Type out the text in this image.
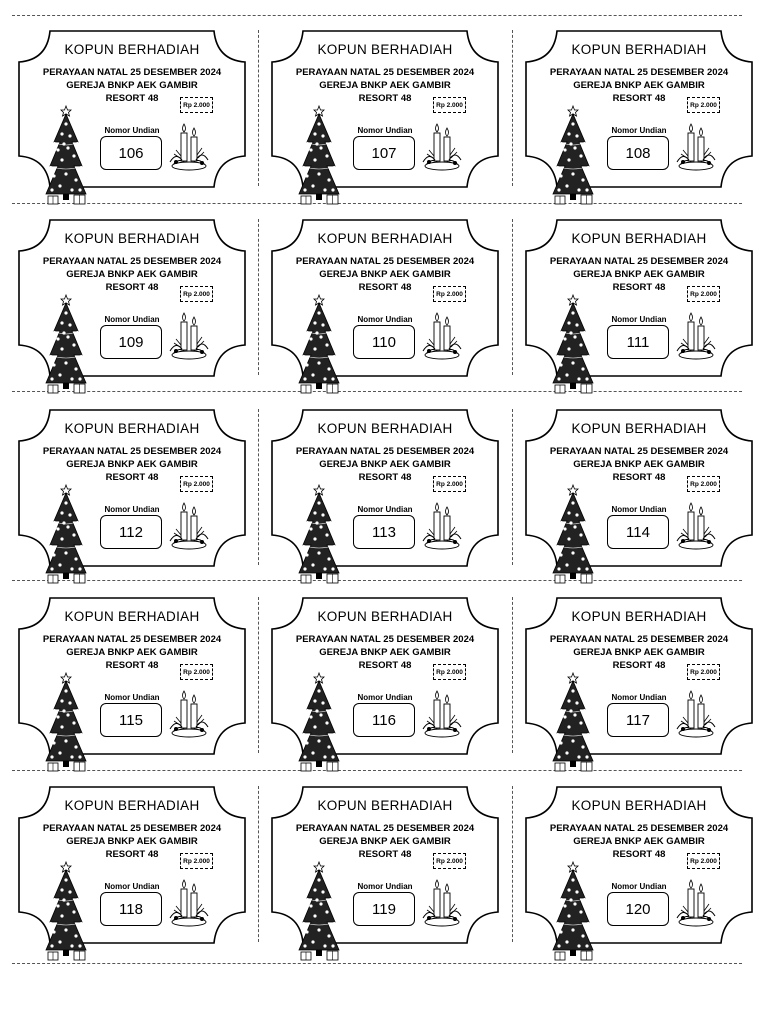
KOPUN BERHADIAH
PERAYAAN NATAL 25 DESEMBER 2024
GEREJA BNKP AEK GAMBIR
RESORT 48
Rp 2.000
Nomor Undian
106
KOPUN BERHADIAH
PERAYAAN NATAL 25 DESEMBER 2024
GEREJA BNKP AEK GAMBIR
RESORT 48
Rp 2.000
Nomor Undian
107
KOPUN BERHADIAH
PERAYAAN NATAL 25 DESEMBER 2024
GEREJA BNKP AEK GAMBIR
RESORT 48
Rp 2.000
Nomor Undian
108
KOPUN BERHADIAH
PERAYAAN NATAL 25 DESEMBER 2024
GEREJA BNKP AEK GAMBIR
RESORT 48
Rp 2.000
Nomor Undian
109
KOPUN BERHADIAH
PERAYAAN NATAL 25 DESEMBER 2024
GEREJA BNKP AEK GAMBIR
RESORT 48
Rp 2.000
Nomor Undian
110
KOPUN BERHADIAH
PERAYAAN NATAL 25 DESEMBER 2024
GEREJA BNKP AEK GAMBIR
RESORT 48
Rp 2.000
Nomor Undian
111
KOPUN BERHADIAH
PERAYAAN NATAL 25 DESEMBER 2024
GEREJA BNKP AEK GAMBIR
RESORT 48
Rp 2.000
Nomor Undian
112
KOPUN BERHADIAH
PERAYAAN NATAL 25 DESEMBER 2024
GEREJA BNKP AEK GAMBIR
RESORT 48
Rp 2.000
Nomor Undian
113
KOPUN BERHADIAH
PERAYAAN NATAL 25 DESEMBER 2024
GEREJA BNKP AEK GAMBIR
RESORT 48
Rp 2.000
Nomor Undian
114
KOPUN BERHADIAH
PERAYAAN NATAL 25 DESEMBER 2024
GEREJA BNKP AEK GAMBIR
RESORT 48
Rp 2.000
Nomor Undian
115
KOPUN BERHADIAH
PERAYAAN NATAL 25 DESEMBER 2024
GEREJA BNKP AEK GAMBIR
RESORT 48
Rp 2.000
Nomor Undian
116
KOPUN BERHADIAH
PERAYAAN NATAL 25 DESEMBER 2024
GEREJA BNKP AEK GAMBIR
RESORT 48
Rp 2.000
Nomor Undian
117
KOPUN BERHADIAH
PERAYAAN NATAL 25 DESEMBER 2024
GEREJA BNKP AEK GAMBIR
RESORT 48
Rp 2.000
Nomor Undian
118
KOPUN BERHADIAH
PERAYAAN NATAL 25 DESEMBER 2024
GEREJA BNKP AEK GAMBIR
RESORT 48
Rp 2.000
Nomor Undian
119
KOPUN BERHADIAH
PERAYAAN NATAL 25 DESEMBER 2024
GEREJA BNKP AEK GAMBIR
RESORT 48
Rp 2.000
Nomor Undian
120
